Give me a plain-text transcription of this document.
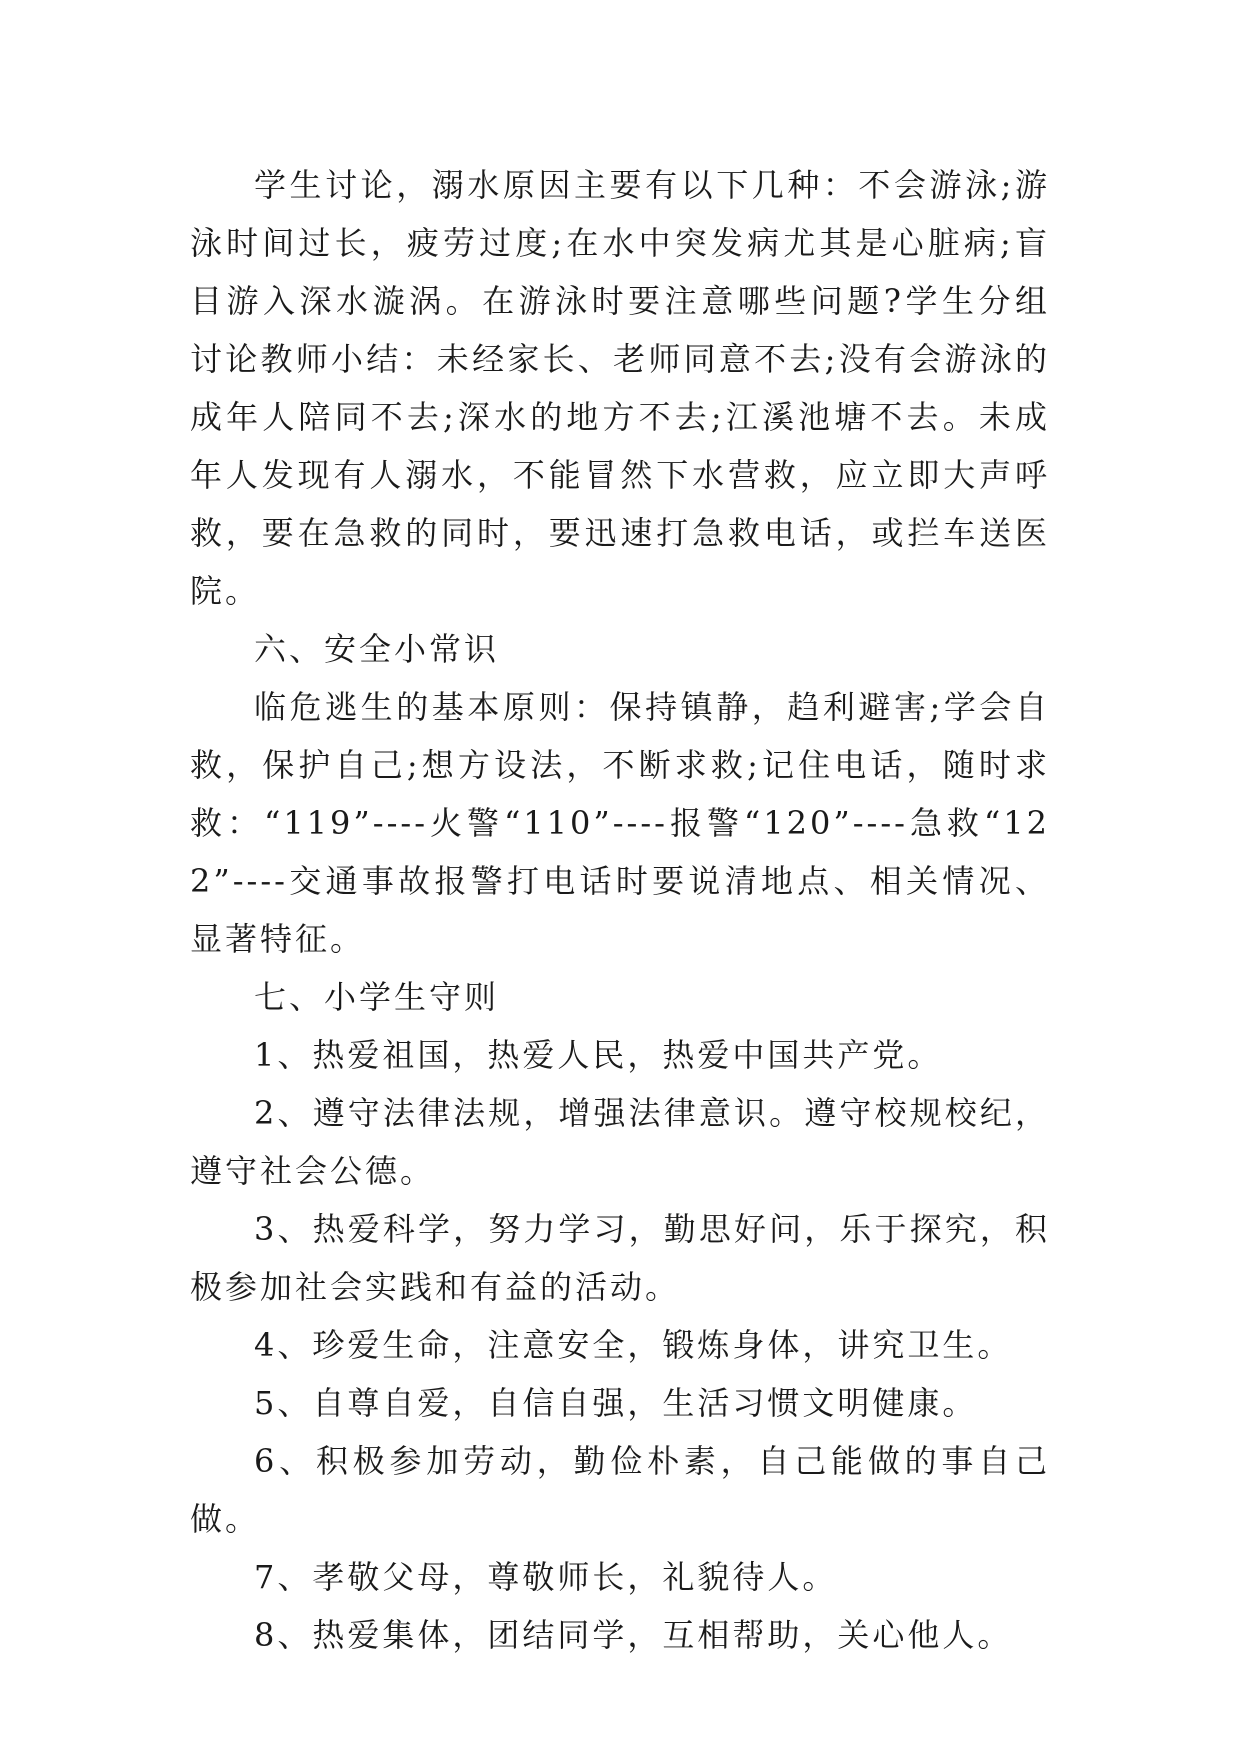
学生讨论，溺水原因主要有以下几种：不会游泳;游泳时间过长，疲劳过度;在水中突发病尤其是心脏病;盲目游入深水漩涡。在游泳时要注意哪些问题?学生分组讨论教师小结：未经家长、老师同意不去;没有会游泳的成年人陪同不去;深水的地方不去;江溪池塘不去。未成年人发现有人溺水，不能冒然下水营救，应立即大声呼救，要在急救的同时，要迅速打急救电话，或拦车送医院。

六、安全小常识

临危逃生的基本原则：保持镇静，趋利避害;学会自救，保护自己;想方设法，不断求救;记住电话，随时求救：“119”----火警“110”----报警“120”----急救“122”----交通事故报警打电话时要说清地点、相关情况、显著特征。

七、小学生守则

1、热爱祖国，热爱人民，热爱中国共产党。

2、遵守法律法规，增强法律意识。遵守校规校纪，遵守社会公德。

3、热爱科学，努力学习，勤思好问，乐于探究，积极参加社会实践和有益的活动。

4、珍爱生命，注意安全，锻炼身体，讲究卫生。

5、自尊自爱，自信自强，生活习惯文明健康。

6、积极参加劳动，勤俭朴素，自己能做的事自己做。

7、孝敬父母，尊敬师长，礼貌待人。

8、热爱集体，团结同学，互相帮助，关心他人。
